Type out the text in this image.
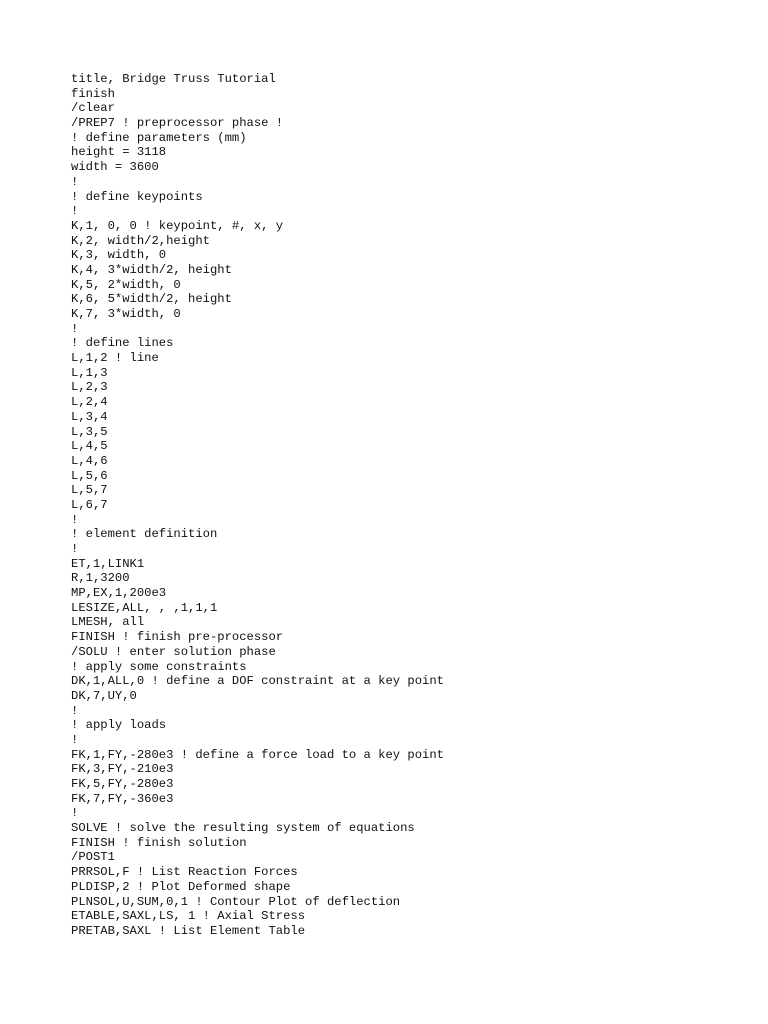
title, Bridge Truss Tutorial
finish
/clear
/PREP7 ! preprocessor phase !
! define parameters (mm)
height = 3118
width = 3600
!
! define keypoints
!
K,1, 0, 0 ! keypoint, #, x, y
K,2, width/2,height
K,3, width, 0
K,4, 3*width/2, height
K,5, 2*width, 0
K,6, 5*width/2, height
K,7, 3*width, 0
!
! define lines
L,1,2 ! line
L,1,3
L,2,3
L,2,4
L,3,4
L,3,5
L,4,5
L,4,6
L,5,6
L,5,7
L,6,7
!
! element definition
!
ET,1,LINK1
R,1,3200
MP,EX,1,200e3
LESIZE,ALL, , ,1,1,1
LMESH, all
FINISH ! finish pre-processor
/SOLU ! enter solution phase
! apply some constraints
DK,1,ALL,0 ! define a DOF constraint at a key point
DK,7,UY,0
!
! apply loads
!
FK,1,FY,-280e3 ! define a force load to a key point
FK,3,FY,-210e3
FK,5,FY,-280e3
FK,7,FY,-360e3
!
SOLVE ! solve the resulting system of equations
FINISH ! finish solution
/POST1
PRRSOL,F ! List Reaction Forces
PLDISP,2 ! Plot Deformed shape
PLNSOL,U,SUM,0,1 ! Contour Plot of deflection
ETABLE,SAXL,LS, 1 ! Axial Stress
PRETAB,SAXL ! List Element Table
